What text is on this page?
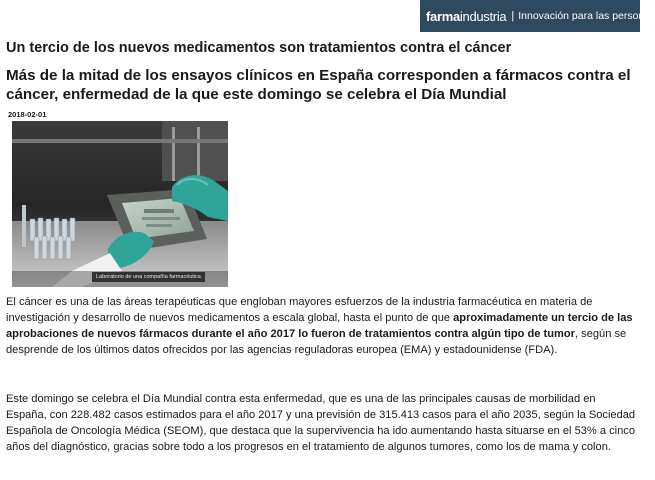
farma industria | Innovación para las personas
Un tercio de los nuevos medicamentos son tratamientos contra el cáncer
Más de la mitad de los ensayos clínicos en España corresponden a fármacos contra el cáncer, enfermedad de la que este domingo se celebra el Día Mundial
2018-02-01
Laboratorio de una compañía farmacéutica

El cáncer es una de las áreas terapéuticas que engloban mayores esfuerzos de la industria farmacéutica en materia de investigación y desarrollo de nuevos medicamentos a escala global, hasta el punto de que aproximadamente un tercio de las aprobaciones de nuevos fármacos durante el año 2017 lo fueron de tratamientos contra algún tipo de tumor, según se desprende de los últimos datos ofrecidos por las agencias reguladoras europea (EMA) y estadounidense (FDA).

Este domingo se celebra el Día Mundial contra esta enfermedad, que es una de las principales causas de morbilidad en España, con 228.482 casos estimados para el año 2017 y una previsión de 315.413 casos para el año 2035, según la Sociedad Española de Oncología Médica (SEOM), que destaca que la supervivencia ha ido aumentando hasta situarse en el 53% a cinco años del diagnóstico, gracias sobre todo a los progresos en el tratamiento de algunos tumores, como los de mama y colon.
